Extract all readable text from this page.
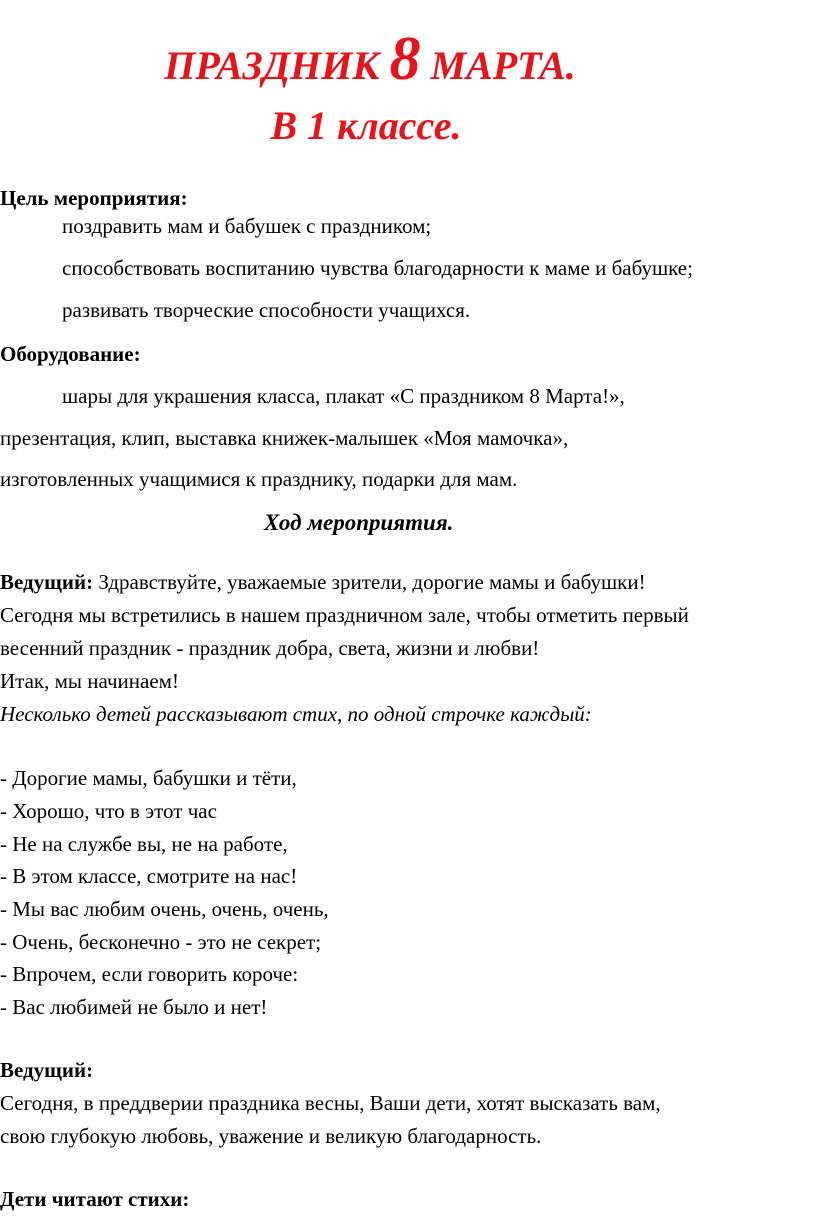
ПРАЗДНИК 8 МАРТА.
В 1 классе.
Цель мероприятия:
поздравить мам и бабушек с праздником;
способствовать воспитанию чувства благодарности к маме и бабушке;
развивать творческие способности учащихся.
Оборудование:
шары для украшения класса, плакат «С праздником 8 Марта!»,
презентация, клип, выставка книжек-малышек «Моя мамочка»,
изготовленных учащимися к празднику, подарки для мам.
Ход мероприятия.
Ведущий: Здравствуйте, уважаемые зрители, дорогие мамы и бабушки!
Сегодня мы встретились в нашем праздничном зале, чтобы отметить первый
весенний праздник - праздник добра, света, жизни и любви!
Итак, мы начинаем!
Несколько детей рассказывают стих, по одной строчке каждый:
- Дорогие мамы, бабушки и тёти,
- Хорошо, что в этот час
- Не на службе вы, не на работе,
- В этом классе, смотрите на нас!
- Мы вас любим очень, очень, очень,
- Очень, бесконечно - это не секрет;
- Впрочем, если говорить короче:
- Вас любимей не было и нет!
Ведущий:
Сегодня, в преддверии праздника весны, Ваши дети, хотят высказать вам,
свою глубокую любовь, уважение и великую благодарность.
Дети читают стихи:
